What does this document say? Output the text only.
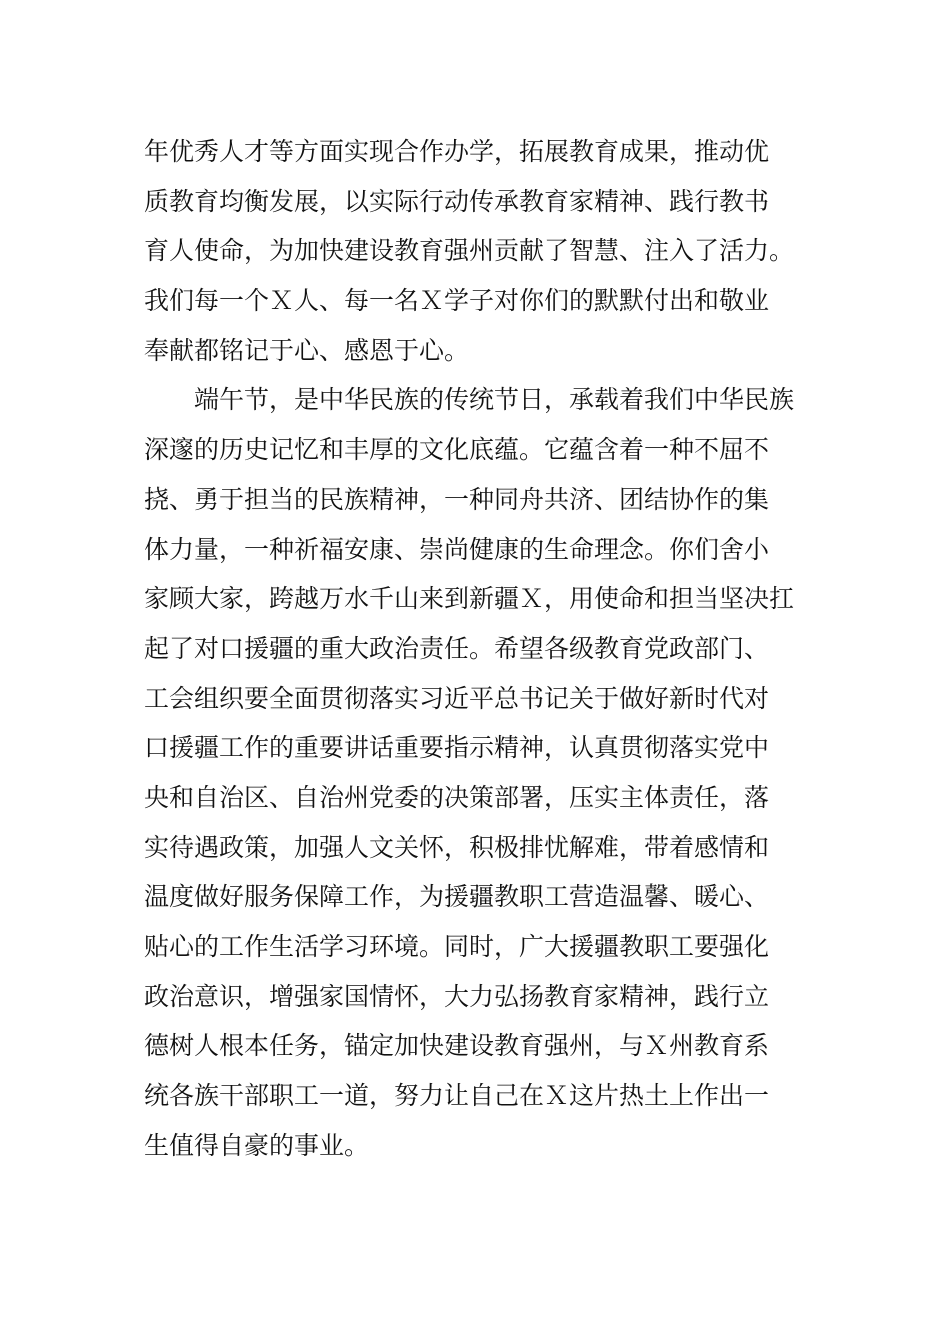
年优秀人才等方面实现合作办学，拓展教育成果，推动优
质教育均衡发展，以实际行动传承教育家精神、践行教书
育人使命，为加快建设教育强州贡献了智慧、注入了活力。
我们每一个Ｘ人、每一名Ｘ学子对你们的默默付出和敬业
奉献都铭记于心、感恩于心。
　　端午节，是中华民族的传统节日，承载着我们中华民族
深邃的历史记忆和丰厚的文化底蕴。它蕴含着一种不屈不
挠、勇于担当的民族精神，一种同舟共济、团结协作的集
体力量，一种祈福安康、崇尚健康的生命理念。你们舍小
家顾大家，跨越万水千山来到新疆Ｘ，用使命和担当坚决扛
起了对口援疆的重大政治责任。希望各级教育党政部门、
工会组织要全面贯彻落实习近平总书记关于做好新时代对
口援疆工作的重要讲话重要指示精神，认真贯彻落实党中
央和自治区、自治州党委的决策部署，压实主体责任，落
实待遇政策，加强人文关怀，积极排忧解难，带着感情和
温度做好服务保障工作，为援疆教职工营造温馨、暖心、
贴心的工作生活学习环境。同时，广大援疆教职工要强化
政治意识，增强家国情怀，大力弘扬教育家精神，践行立
德树人根本任务，锚定加快建设教育强州，与Ｘ州教育系
统各族干部职工一道，努力让自己在Ｘ这片热土上作出一
生值得自豪的事业。
